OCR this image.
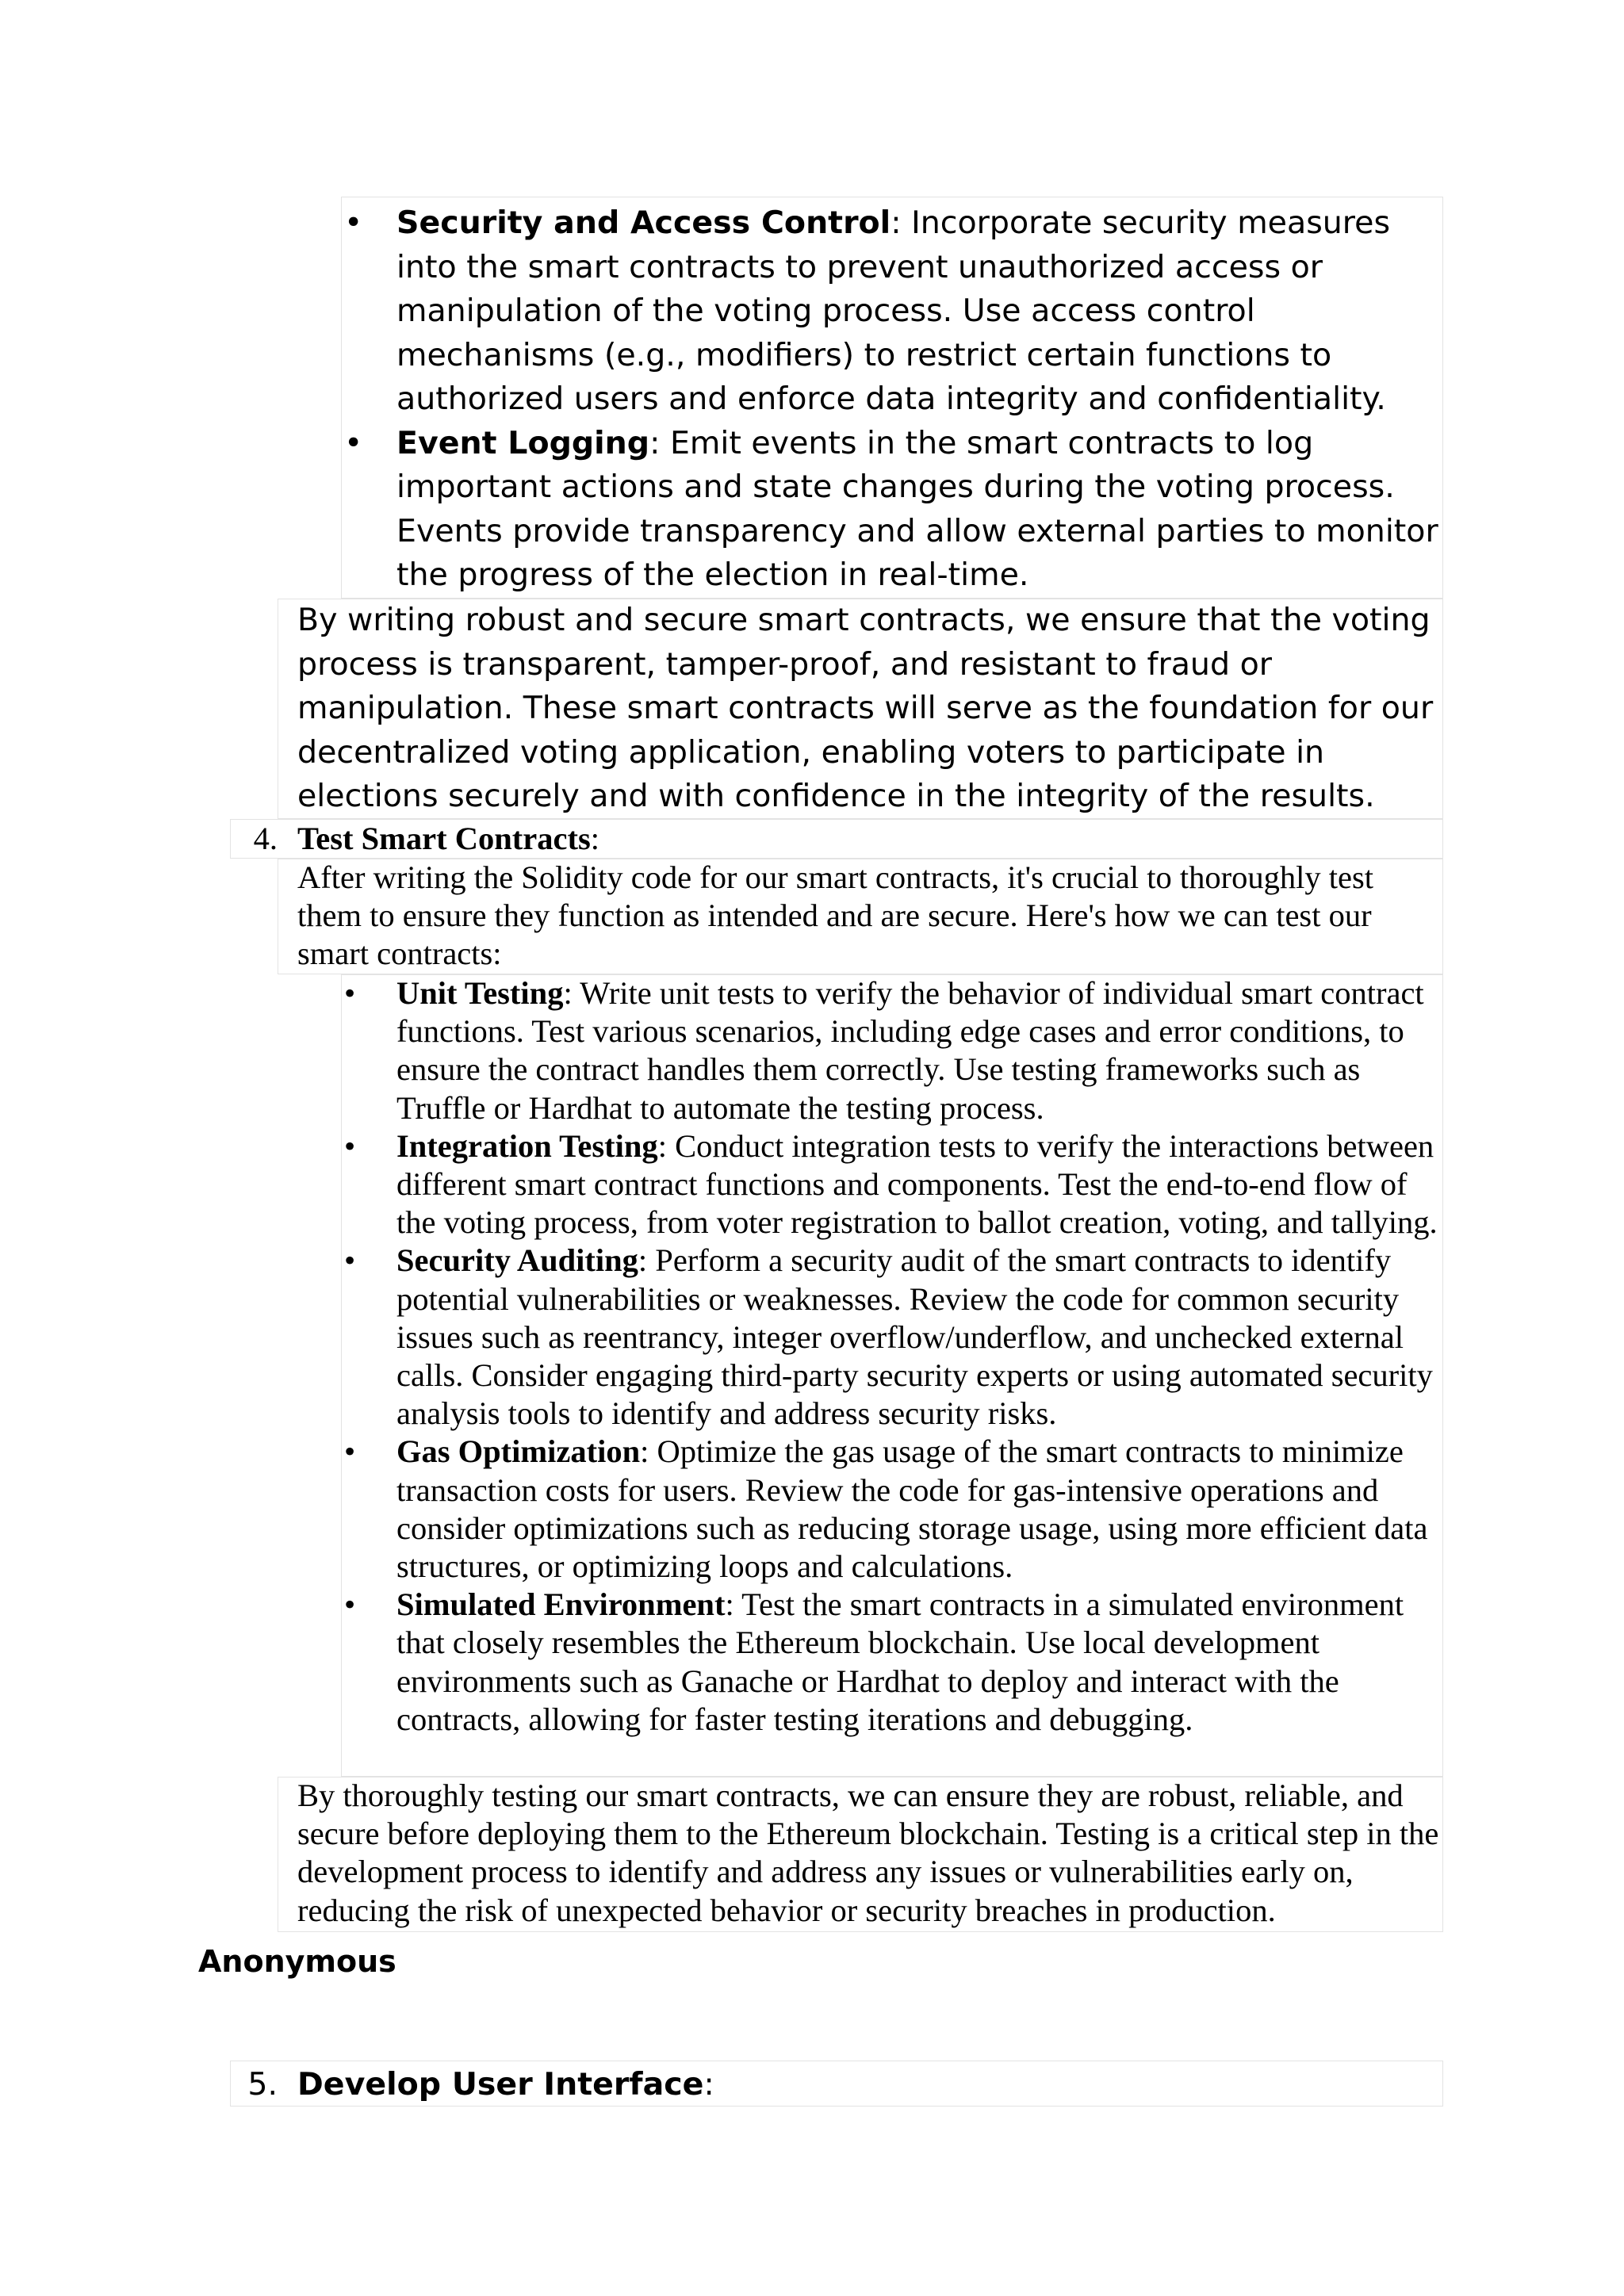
• Security and Access Control: Incorporate security measures into the smart contracts to prevent unauthorized access or manipulation of the voting process. Use access control mechanisms (e.g., modifiers) to restrict certain functions to authorized users and enforce data integrity and confidentiality.
• Event Logging: Emit events in the smart contracts to log important actions and state changes during the voting process. Events provide transparency and allow external parties to monitor the progress of the election in real-time.
By writing robust and secure smart contracts, we ensure that the voting process is transparent, tamper-proof, and resistant to fraud or manipulation. These smart contracts will serve as the foundation for our decentralized voting application, enabling voters to participate in elections securely and with confidence in the integrity of the results.
4. Test Smart Contracts:
After writing the Solidity code for our smart contracts, it's crucial to thoroughly test them to ensure they function as intended and are secure. Here's how we can test our smart contracts:
• Unit Testing: Write unit tests to verify the behavior of individual smart contract functions. Test various scenarios, including edge cases and error conditions, to ensure the contract handles them correctly. Use testing frameworks such as Truffle or Hardhat to automate the testing process.
• Integration Testing: Conduct integration tests to verify the interactions between different smart contract functions and components. Test the end-to-end flow of the voting process, from voter registration to ballot creation, voting, and tallying.
• Security Auditing: Perform a security audit of the smart contracts to identify potential vulnerabilities or weaknesses. Review the code for common security issues such as reentrancy, integer overflow/underflow, and unchecked external calls. Consider engaging third-party security experts or using automated security analysis tools to identify and address security risks.
• Gas Optimization: Optimize the gas usage of the smart contracts to minimize transaction costs for users. Review the code for gas-intensive operations and consider optimizations such as reducing storage usage, using more efficient data structures, or optimizing loops and calculations.
• Simulated Environment: Test the smart contracts in a simulated environment that closely resembles the Ethereum blockchain. Use local development environments such as Ganache or Hardhat to deploy and interact with the contracts, allowing for faster testing iterations and debugging.
By thoroughly testing our smart contracts, we can ensure they are robust, reliable, and secure before deploying them to the Ethereum blockchain. Testing is a critical step in the development process to identify and address any issues or vulnerabilities early on, reducing the risk of unexpected behavior or security breaches in production.
Anonymous
5. Develop User Interface:
